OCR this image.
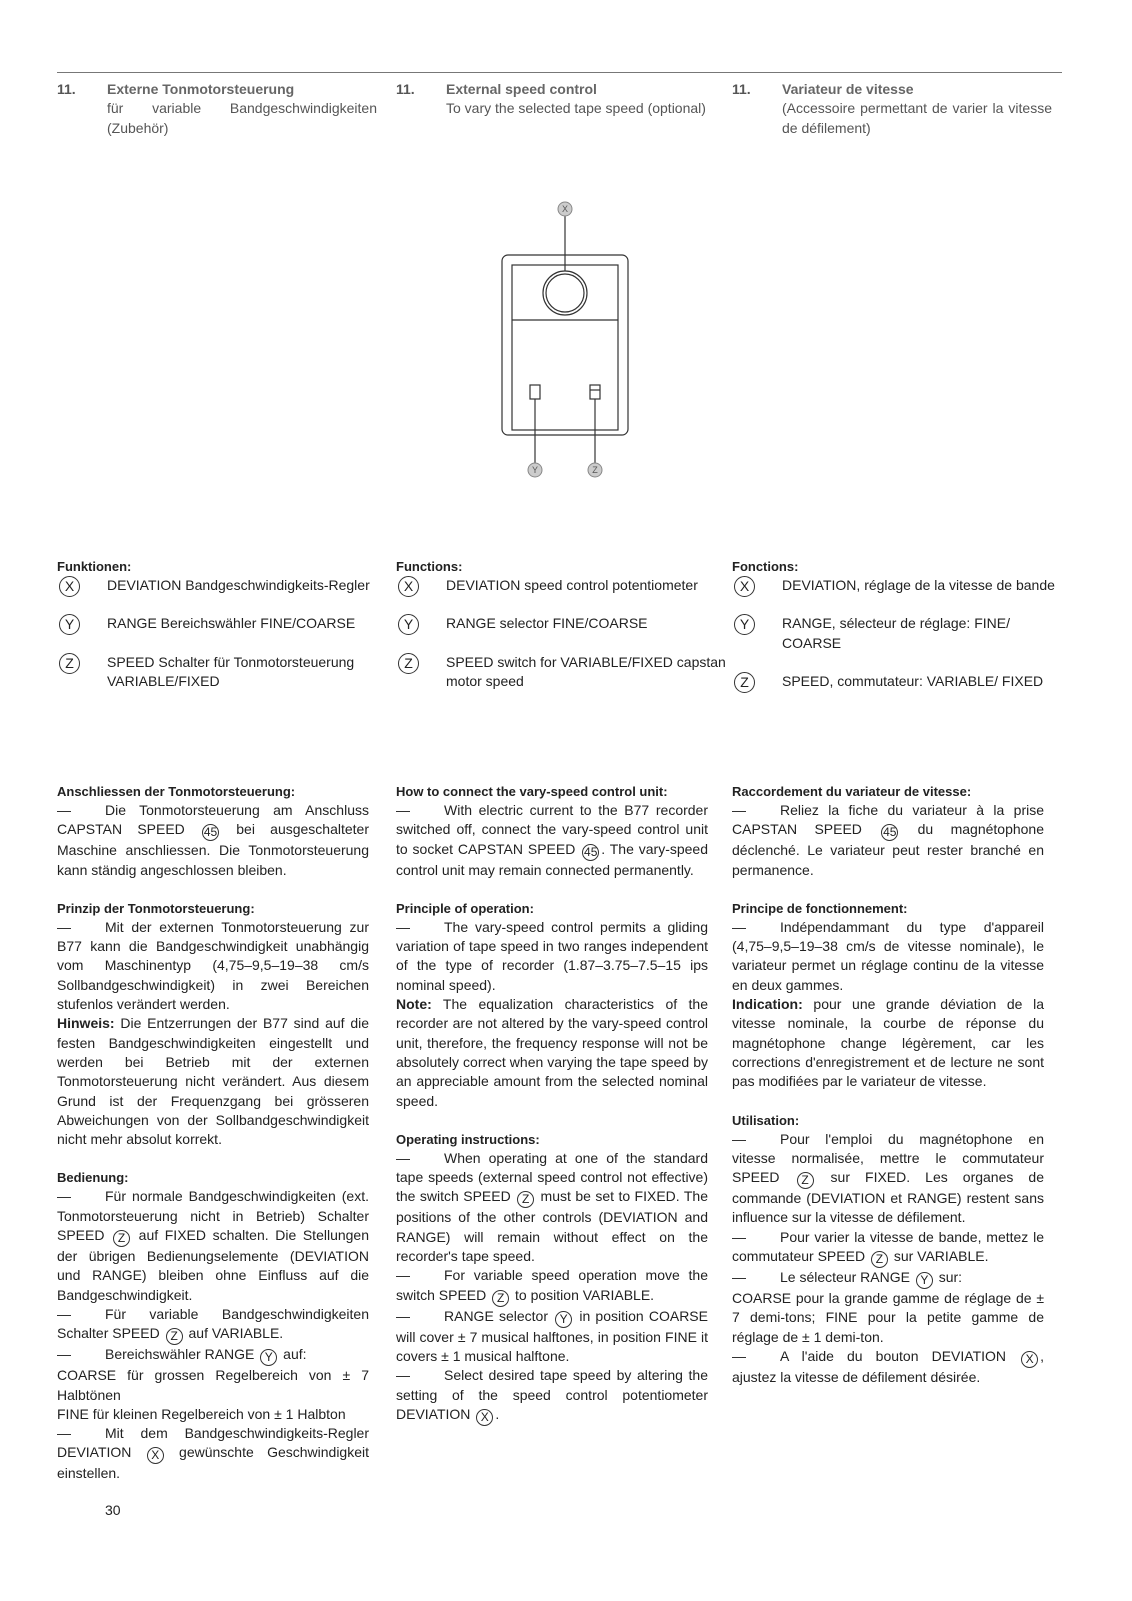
11. Externe Tonmotorsteuerung
für variable Bandgeschwindigkeiten (Zubehör)
11. External speed control
To vary the selected tape speed (optional)
11. Variateur de vitesse
(Accessoire permettant de varier la vitesse de défilement)
X
Y	Z
Funktionen:
X	DEVIATION Bandgeschwindigkeits-Regler
Y	RANGE Bereichswähler FINE/COARSE
Z	SPEED Schalter für Tonmotorsteuerung VARIABLE/FIXED
Functions:
X	DEVIATION speed control potentiometer
Y	RANGE selector FINE/COARSE
Z	SPEED switch for VARIABLE/FIXED capstan motor speed
Fonctions:
X	DEVIATION, réglage de la vitesse de bande
Y	RANGE, sélecteur de réglage: FINE/ COARSE
Z	SPEED, commutateur: VARIABLE/ FIXED
Anschliessen der Tonmotorsteuerung:

— Die Tonmotorsteuerung am Anschluss CAPSTAN SPEED 45 bei ausgeschalteter Maschine anschliessen. Die Tonmotorsteuerung kann ständig angeschlossen bleiben.

Prinzip der Tonmotorsteuerung:

— Mit der externen Tonmotorsteuerung zur B77 kann die Bandgeschwindigkeit unabhängig vom Maschinentyp (4,75–9,5–19–38 cm/s Sollbandgeschwindigkeit) in zwei Bereichen stufenlos verändert werden.

Hinweis: Die Entzerrungen der B77 sind auf die festen Bandgeschwindigkeiten eingestellt und werden bei Betrieb mit der externen Tonmotorsteuerung nicht verändert. Aus diesem Grund ist der Frequenzgang bei grösseren Abweichungen von der Sollbandgeschwindigkeit nicht mehr absolut korrekt.

Bedienung:

— Für normale Bandgeschwindigkeiten (ext. Tonmotorsteuerung nicht in Betrieb) Schalter SPEED Z auf FIXED schalten. Die Stellungen der übrigen Bedienungselemente (DEVIATION und RANGE) bleiben ohne Einfluss auf die Bandgeschwindigkeit.

— Für variable Bandgeschwindigkeiten Schalter SPEED Z auf VARIABLE.

— Bereichswähler RANGE Y auf:

COARSE für grossen Regelbereich von ± 7 Halbtönen

FINE für kleinen Regelbereich von ± 1 Halbton

— Mit dem Bandgeschwindigkeits-Regler DEVIATION X gewünschte Geschwindigkeit einstellen.

How to connect the vary-speed control unit:

— With electric current to the B77 recorder switched off, connect the vary-speed control unit to socket CAPSTAN SPEED 45 . The vary-speed control unit may remain connected permanently.

Principle of operation:

— The vary-speed control permits a gliding variation of tape speed in two ranges independent of the type of recorder (1.87–3.75–7.5–15 ips nominal speed).

Note: The equalization characteristics of the recorder are not altered by the vary-speed control unit, therefore, the frequency response will not be absolutely correct when varying the tape speed by an appreciable amount from the selected nominal speed.

Operating instructions:

— When operating at one of the standard tape speeds (external speed control not effective) the switch SPEED Z must be set to FIXED. The positions of the other controls (DEVIATION and RANGE) will remain without effect on the recorder's tape speed.

— For variable speed operation move the switch SPEED Z to position VARIABLE.

— RANGE selector Y in position COARSE will cover ± 7 musical halftones, in position FINE it covers ± 1 musical halftone.

— Select desired tape speed by altering the setting of the speed control potentiometer DEVIATION X .

Raccordement du variateur de vitesse:

— Reliez la fiche du variateur à la prise CAPSTAN SPEED 45 du magnétophone déclenché. Le variateur peut rester branché en permanence.

Principe de fonctionnement:

— Indépendammant du type d'appareil (4,75–9,5–19–38 cm/s de vitesse nominale), le variateur permet un réglage continu de la vitesse en deux gammes.

Indication: pour une grande déviation de la vitesse nominale, la courbe de réponse du magnétophone change légèrement, car les corrections d'enregistrement et de lecture ne sont pas modifiées par le variateur de vitesse.

Utilisation:

— Pour l'emploi du magnétophone en vitesse normalisée, mettre le commutateur SPEED Z sur FIXED. Les organes de commande (DEVIATION et RANGE) restent sans influence sur la vitesse de défilement.

— Pour varier la vitesse de bande, mettez le commutateur SPEED Z sur VARIABLE.

— Le sélecteur RANGE Y sur:

COARSE pour la grande gamme de réglage de ± 7 demi-tons; FINE pour la petite gamme de réglage de ± 1 demi-ton.

— A l'aide du bouton DEVIATION X , ajustez la vitesse de défilement désirée.

30
